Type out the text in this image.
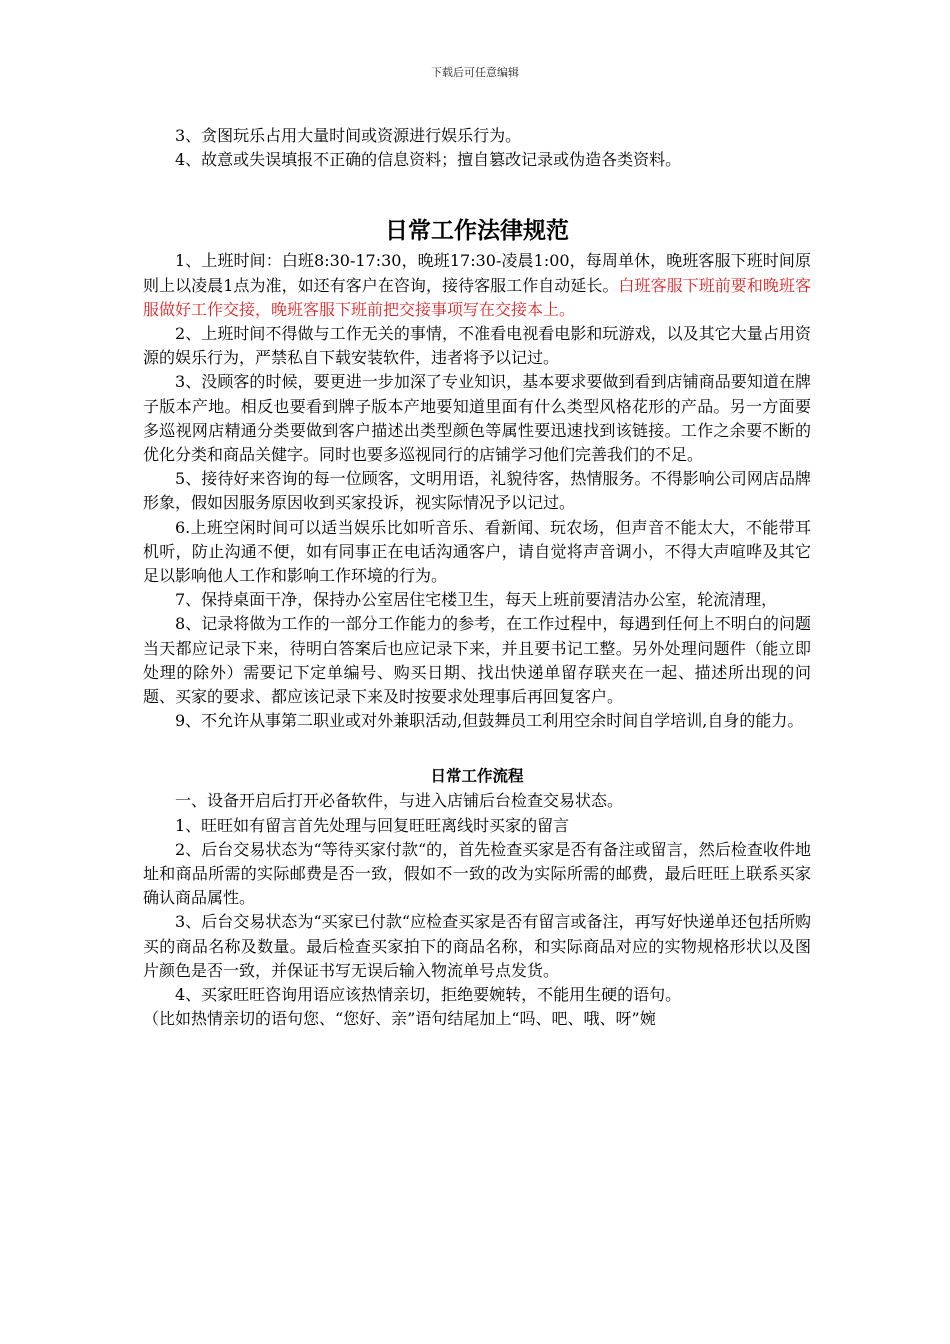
下载后可任意编辑

3、贪图玩乐占用大量时间或资源进行娱乐行为。

4、故意或失误填报不正确的信息资料；擅自篡改记录或伪造各类资料。

日常工作法律规范

1、上班时间：白班8:30-17:30，晚班17:30-凌晨1:00，每周单休，晚班客服下班时间原则上以凌晨1点为准，如还有客户在咨询，接待客服工作自动延长。白班客服下班前要和晚班客服做好工作交接，晚班客服下班前把交接事项写在交接本上。

2、上班时间不得做与工作无关的事情，不准看电视看电影和玩游戏，以及其它大量占用资源的娱乐行为，严禁私自下载安装软件，违者将予以记过。

3、没顾客的时候，要更进一步加深了专业知识，基本要求要做到看到店铺商品要知道在牌子版本产地。相反也要看到牌子版本产地要知道里面有什么类型风格花形的产品。另一方面要多巡视网店精通分类要做到客户描述出类型颜色等属性要迅速找到该链接。工作之余要不断的优化分类和商品关健字。同时也要多巡视同行的店铺学习他们完善我们的不足。

5、接待好来咨询的每一位顾客，文明用语，礼貌待客，热情服务。不得影响公司网店品牌形象，假如因服务原因收到买家投诉，视实际情况予以记过。

6.上班空闲时间可以适当娱乐比如听音乐、看新闻、玩农场，但声音不能太大，不能带耳机听，防止沟通不便，如有同事正在电话沟通客户，请自觉将声音调小，不得大声喧哗及其它足以影响他人工作和影响工作环境的行为。

7、保持桌面干净，保持办公室居住宅楼卫生，每天上班前要清洁办公室，轮流清理，

8、记录将做为工作的一部分工作能力的参考，在工作过程中，每遇到任何上不明白的问题当天都应记录下来，待明白答案后也应记录下来，并且要书记工整。另外处理问题件（能立即处理的除外）需要记下定单编号、购买日期、找出快递单留存联夹在一起、描述所出现的问题、买家的要求、都应该记录下来及时按要求处理事后再回复客户。

9、不允许从事第二职业或对外兼职活动,但鼓舞员工利用空余时间自学培训,自身的能力。

日常工作流程

一、设备开启后打开必备软件，与进入店铺后台检查交易状态。

1、旺旺如有留言首先处理与回复旺旺离线时买家的留言

2、后台交易状态为“等待买家付款“的，首先检查买家是否有备注或留言，然后检查收件地址和商品所需的实际邮费是否一致，假如不一致的改为实际所需的邮费，最后旺旺上联系买家确认商品属性。

3、后台交易状态为“买家已付款“应检查买家是否有留言或备注，再写好快递单还包括所购买的商品名称及数量。最后检查买家拍下的商品名称，和实际商品对应的实物规格形状以及图片颜色是否一致，并保证书写无误后输入物流单号点发货。

4、买家旺旺咨询用语应该热情亲切，拒绝要婉转，不能用生硬的语句。

（比如热情亲切的语句您、“您好、亲”语句结尾加上“吗、吧、哦、呀”婉
